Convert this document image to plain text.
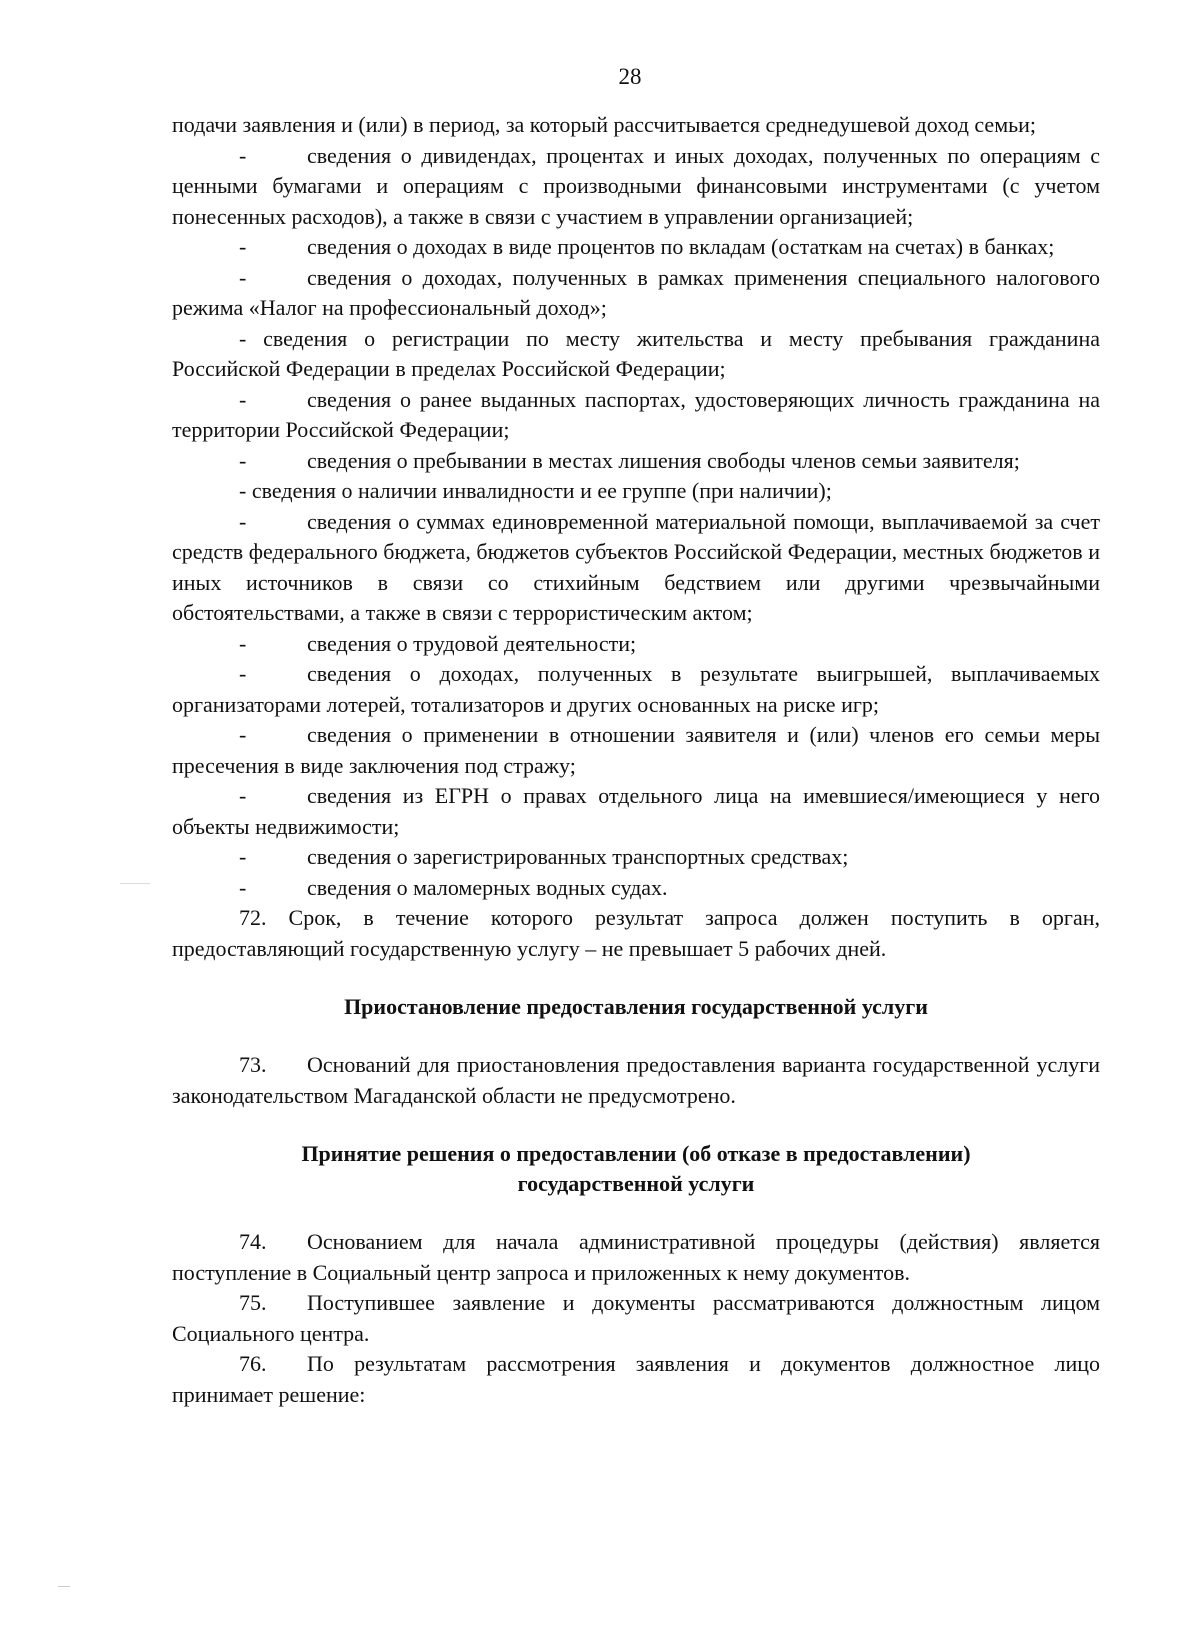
28

подачи заявления и (или) в период, за который рассчитывается среднедушевой доход семьи;

-	сведения о дивидендах, процентах и иных доходах, полученных по операциям с ценными бумагами и операциям с производными финансовыми инструментами (с учетом понесенных расходов), а также в связи с участием в управлении организацией;

-	сведения о доходах в виде процентов по вкладам (остаткам на счетах) в банках;

-	сведения о доходах, полученных в рамках применения специального налогового режима «Налог на профессиональный доход»;

- сведения о регистрации по месту жительства и месту пребывания гражданина Российской Федерации в пределах Российской Федерации;

-	сведения о ранее выданных паспортах, удостоверяющих личность гражданина на территории Российской Федерации;

-	сведения о пребывании в местах лишения свободы членов семьи заявителя;

- сведения о наличии инвалидности и ее группе (при наличии);

-	сведения о суммах единовременной материальной помощи, выплачиваемой за счет средств федерального бюджета, бюджетов субъектов Российской Федерации, местных бюджетов и иных источников в связи со стихийным бедствием или другими чрезвычайными обстоятельствами, а также в связи с террористическим актом;

-	сведения о трудовой деятельности;

-	сведения о доходах, полученных в результате выигрышей, выплачиваемых организаторами лотерей, тотализаторов и других основанных на риске игр;

-	сведения о применении в отношении заявителя и (или) членов его семьи меры пресечения в виде заключения под стражу;

-	сведения из ЕГРН о правах отдельного лица на имевшиеся/имеющиеся у него объекты недвижимости;

-	сведения о зарегистрированных транспортных средствах;

-	сведения о маломерных водных судах.

72. Срок, в течение которого результат запроса должен поступить в орган, предоставляющий государственную услугу – не превышает 5 рабочих дней.

Приостановление предоставления государственной услуги

73. Оснований для приостановления предоставления варианта государственной услуги законодательством Магаданской области не предусмотрено.

Принятие решения о предоставлении (об отказе в предоставлении)
государственной услуги

74. Основанием для начала административной процедуры (действия) является поступление в Социальный центр запроса и приложенных к нему документов.

75. Поступившее заявление и документы рассматриваются должностным лицом Социального центра.

76. По результатам рассмотрения заявления и документов должностное лицо принимает решение:
